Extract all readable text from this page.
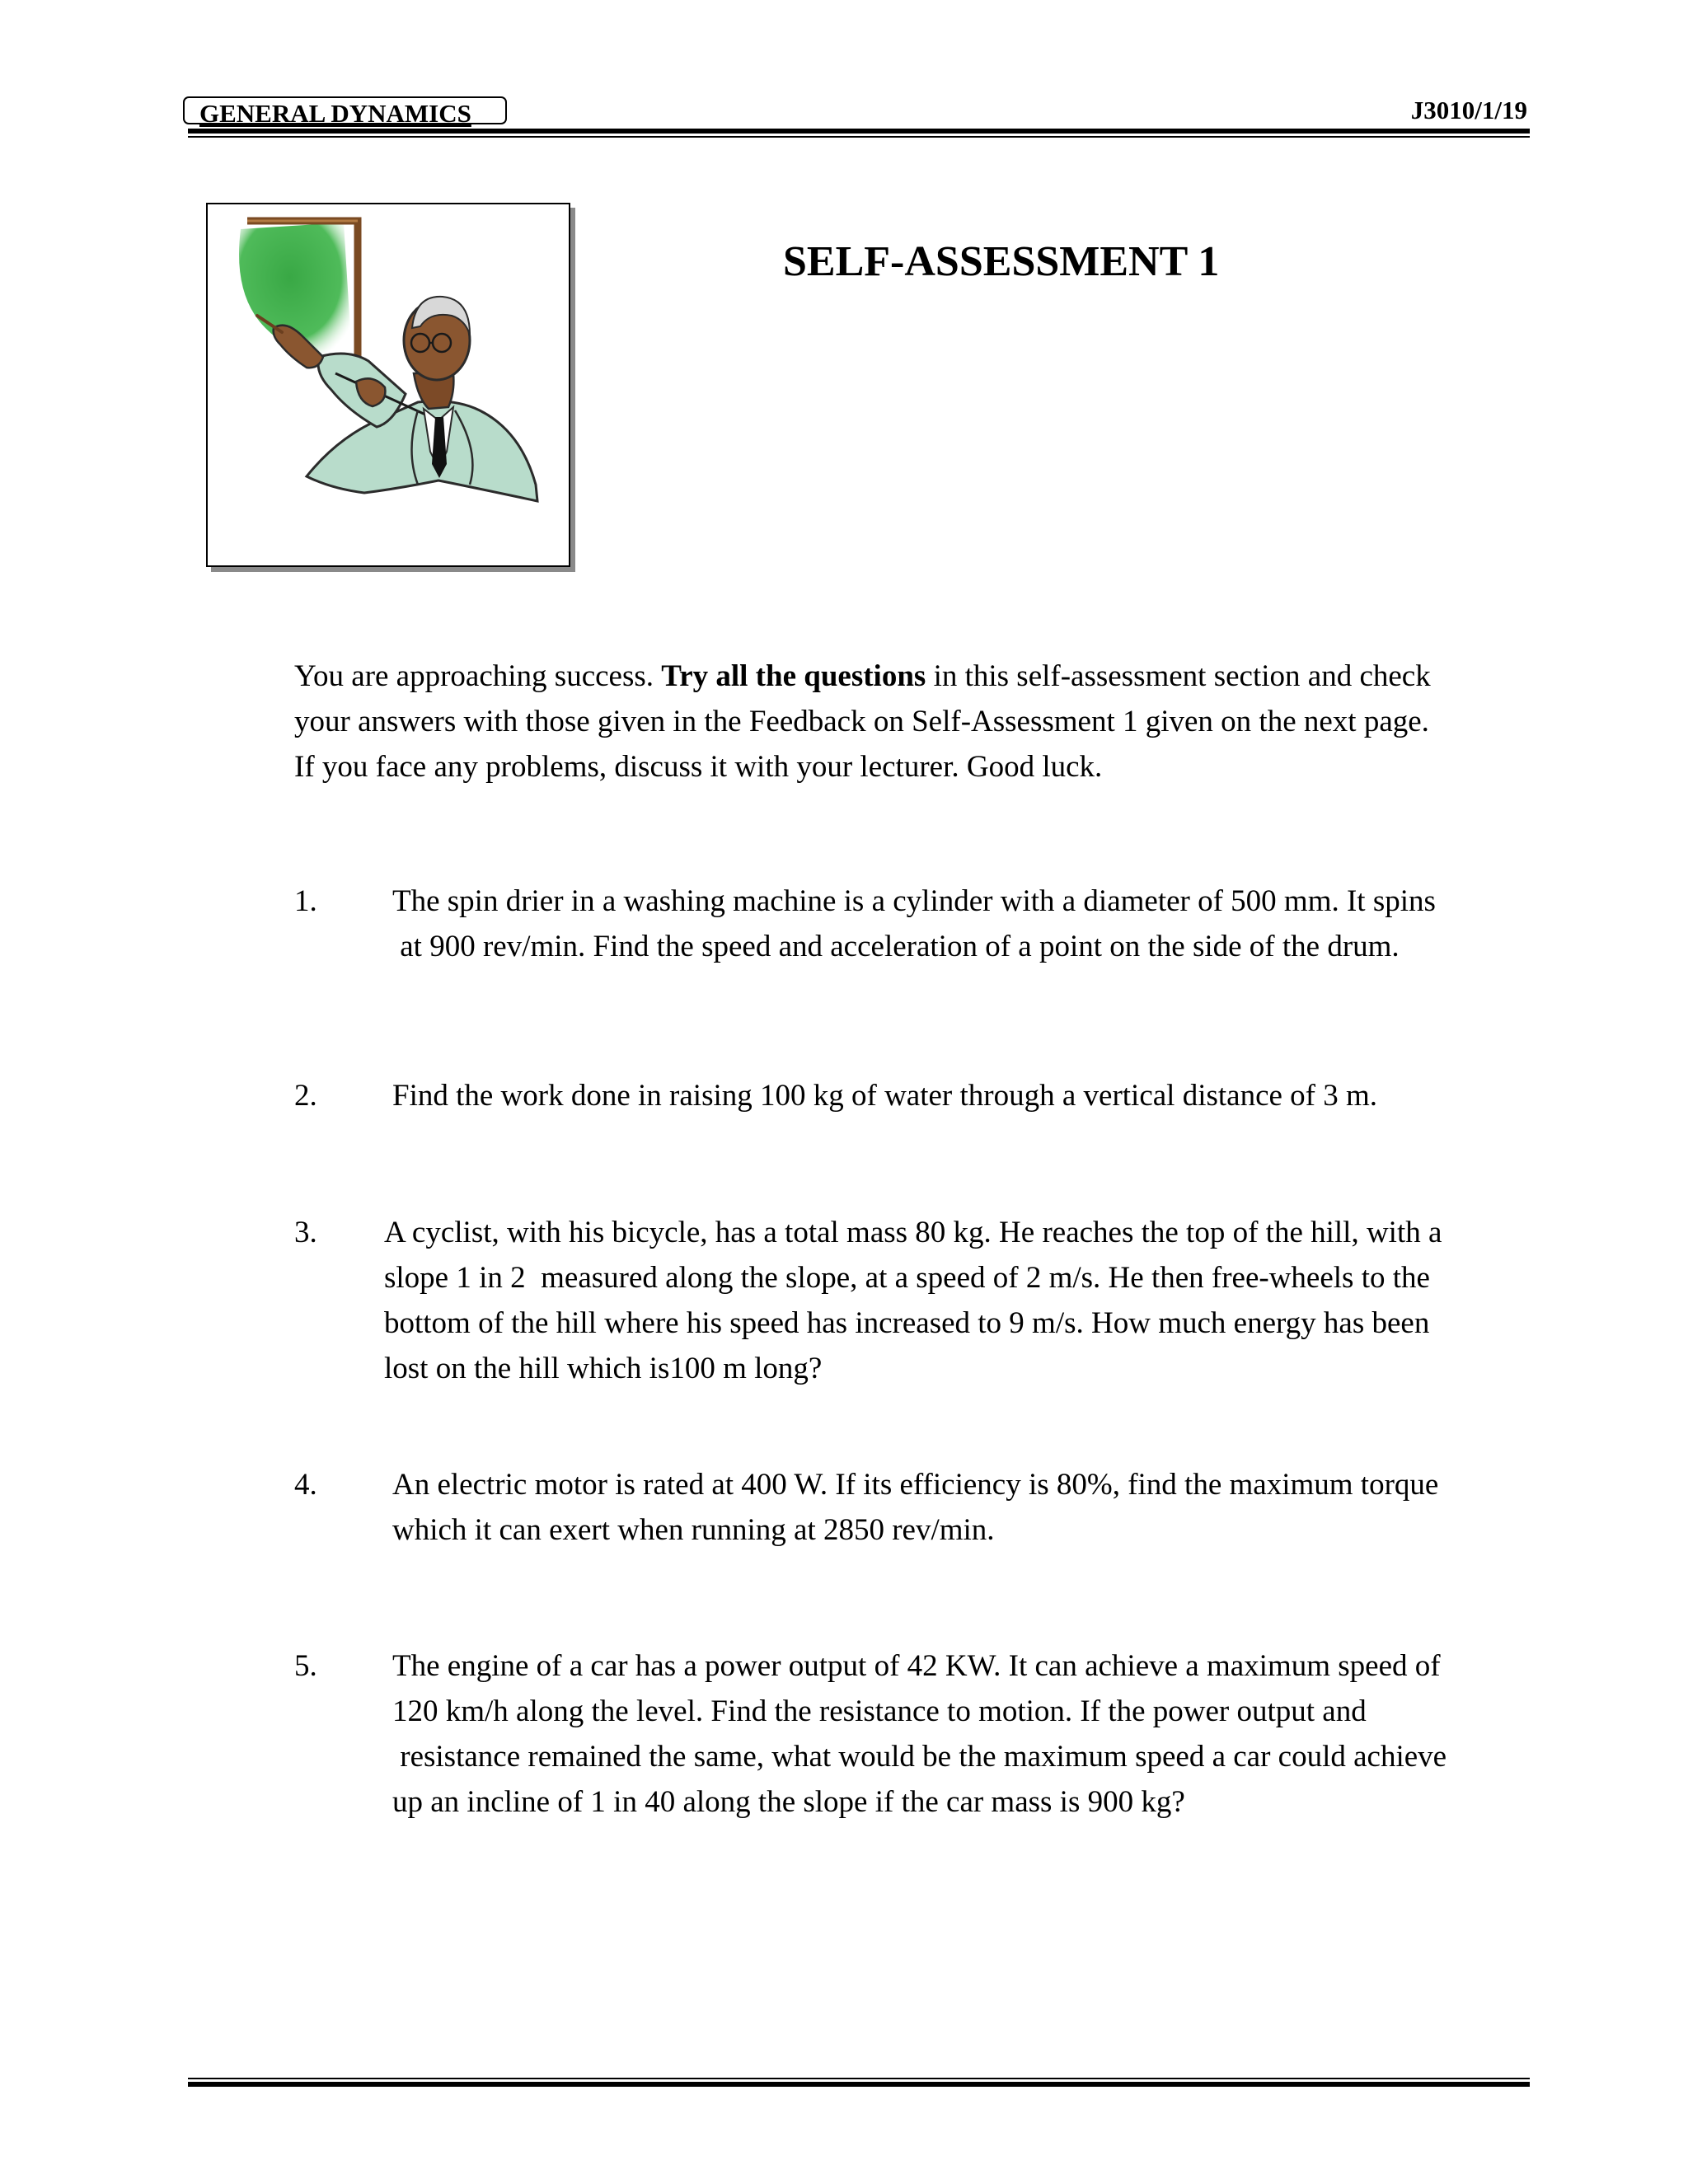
GENERAL DYNAMICS	J3010/1/19
SELF-ASSESSMENT 1

You are approaching success. Try all the questions in this self-assessment section and check

your answers with those given in the Feedback on Self-Assessment 1 given on the next page.

If you face any problems, discuss it with your lecturer. Good luck.

1. The spin drier in a washing machine is a cylinder with a diameter of 500 mm. It spins
at 900 rev/min. Find the speed and acceleration of a point on the side of the drum.
2. Find the work done in raising 100 kg of water through a vertical distance of 3 m.
3. A cyclist, with his bicycle, has a total mass 80 kg. He reaches the top of the hill, with a
slope 1 in 2  measured along the slope, at a speed of 2 m/s. He then free-wheels to the
bottom of the hill where his speed has increased to 9 m/s. How much energy has been
lost on the hill which is100 m long?
4. An electric motor is rated at 400 W. If its efficiency is 80%, find the maximum torque
which it can exert when running at 2850 rev/min.
5. The engine of a car has a power output of 42 KW. It can achieve a maximum speed of
120 km/h along the level. Find the resistance to motion. If the power output and
resistance remained the same, what would be the maximum speed a car could achieve
up an incline of 1 in 40 along the slope if the car mass is 900 kg?
